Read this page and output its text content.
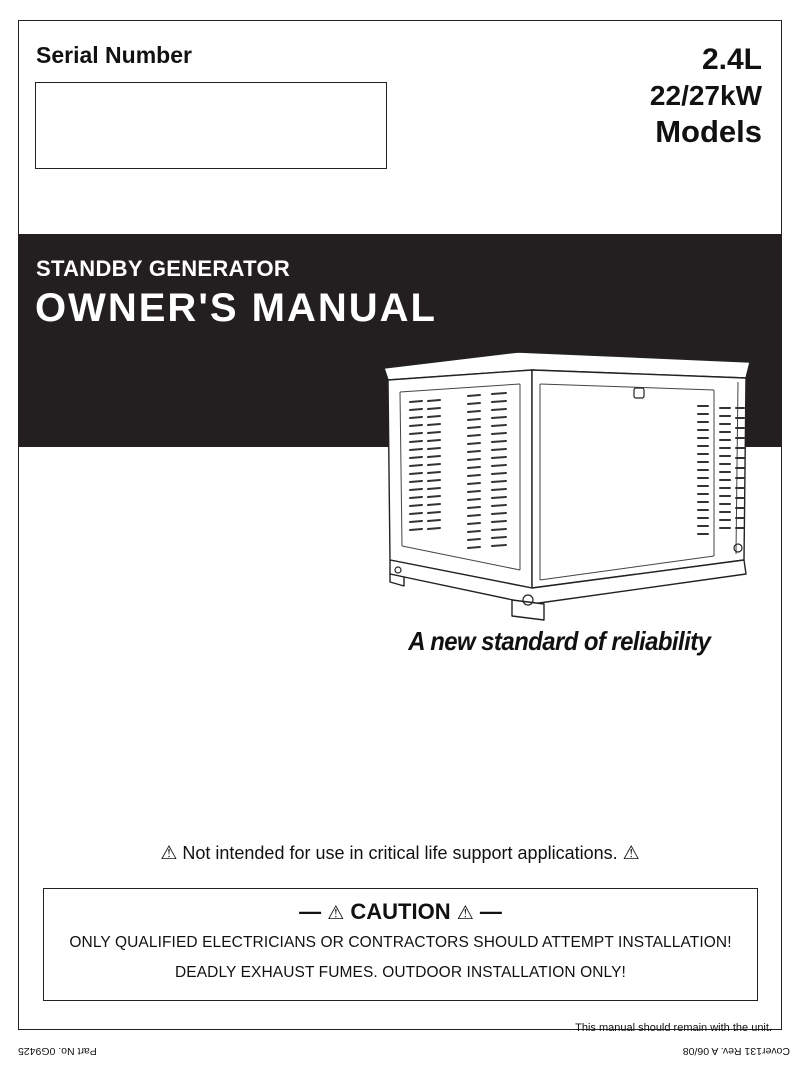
Serial Number	2.4L
22/27kW
Models
STANDBY GENERATOR
OWNER'S MANUAL
A new standard of reliability
⚠ Not intended for use in critical life support applications. ⚠
— ⚠ CAUTION ⚠ —
ONLY QUALIFIED ELECTRICIANS OR CONTRACTORS SHOULD ATTEMPT INSTALLATION!
DEADLY EXHAUST FUMES. OUTDOOR INSTALLATION ONLY!
This manual should remain with the unit.
Part No. 0G9425	Cover131 Rev. A 06/08
